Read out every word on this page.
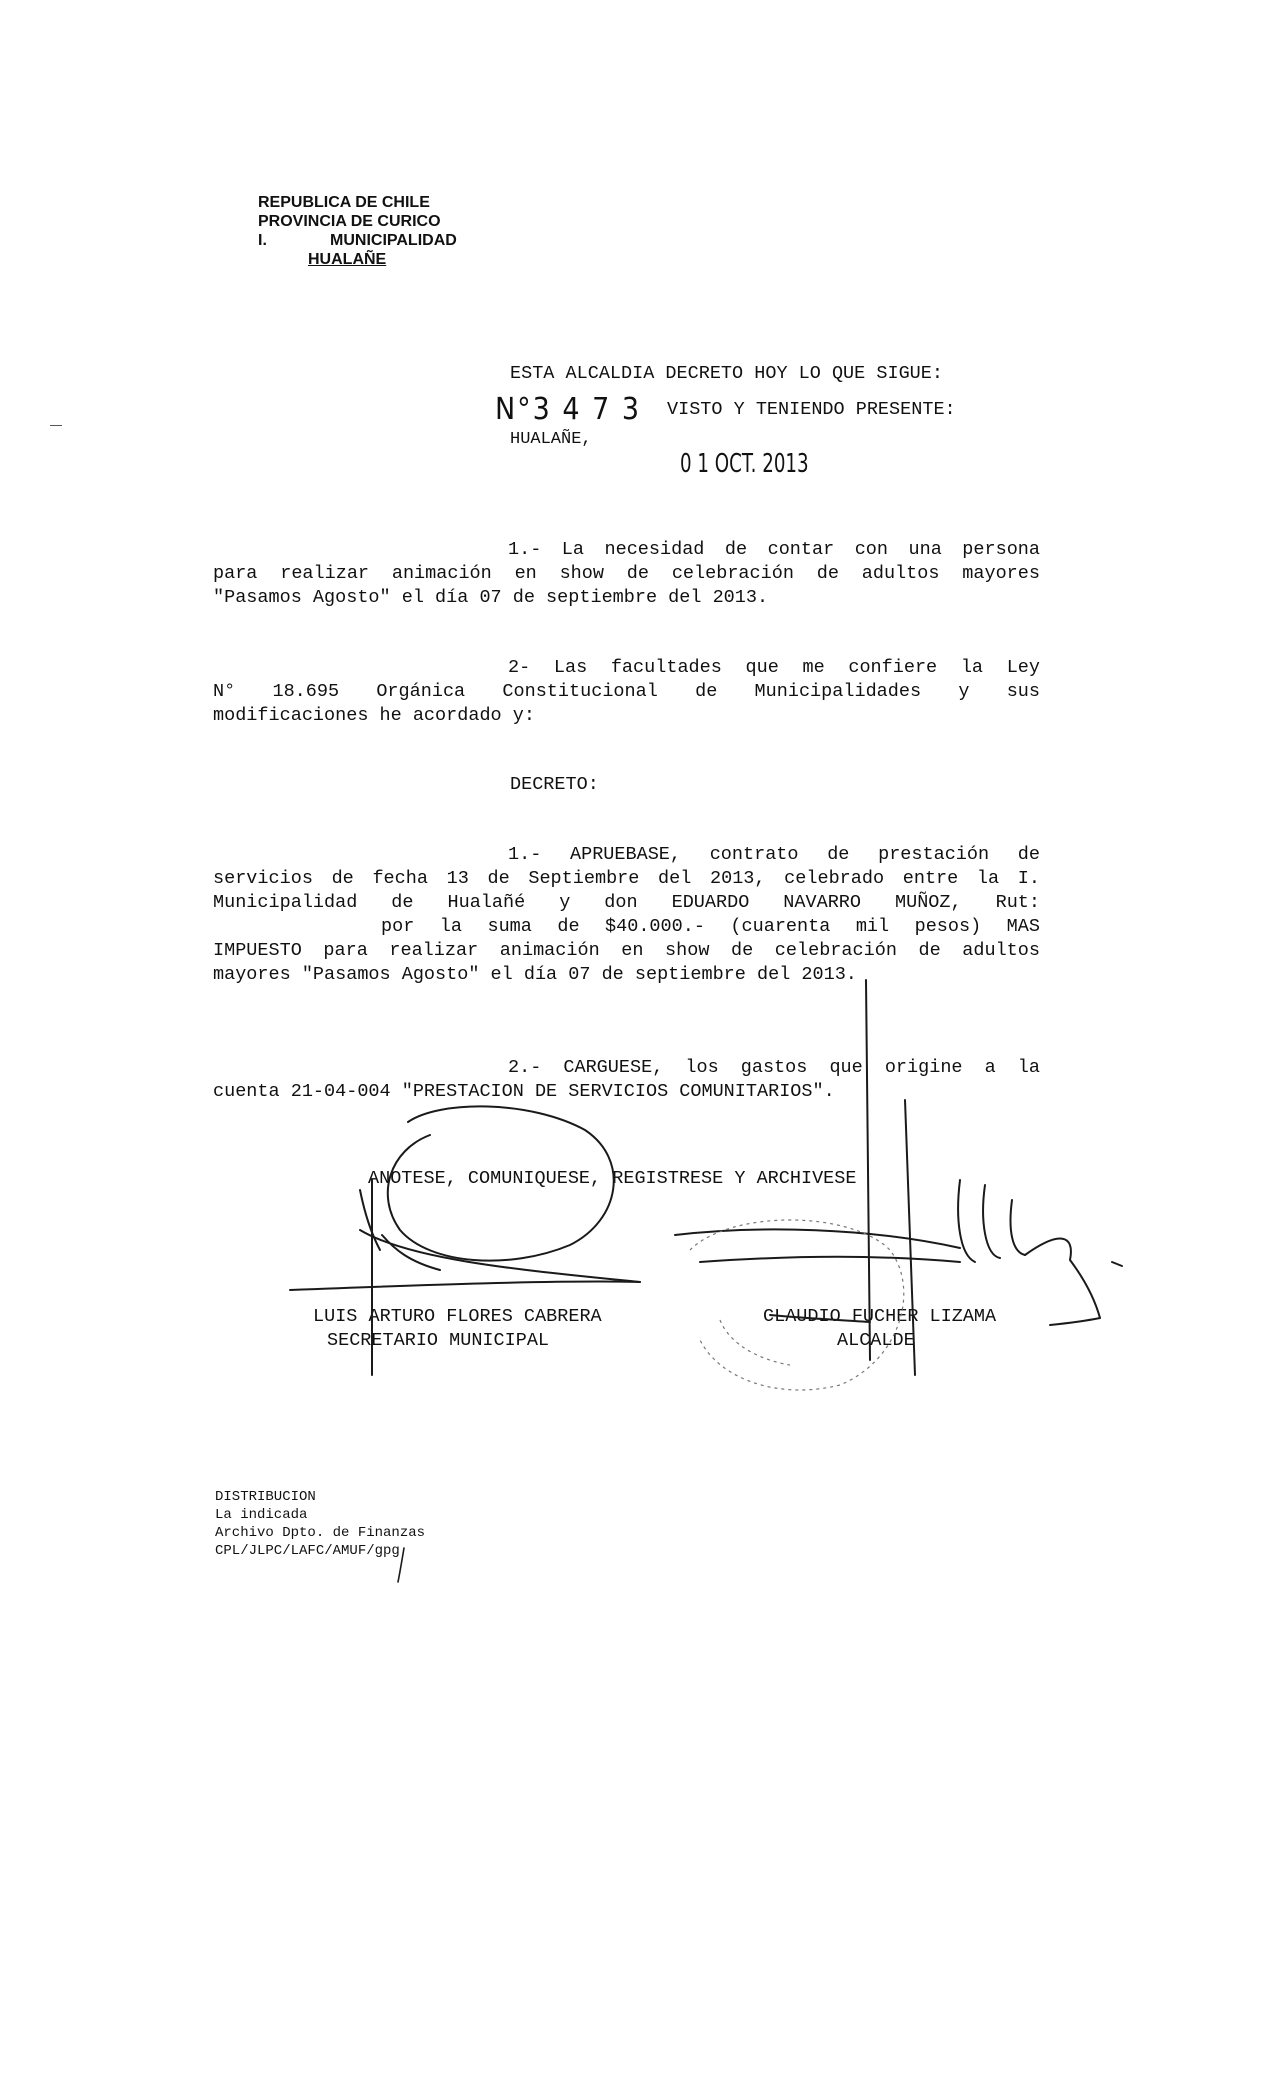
REPUBLICA DE CHILE
PROVINCIA DE CURICO
I.	MUNICIPALIDAD
HUALAÑE
ESTA ALCALDIA DECRETO HOY LO QUE SIGUE:
N°3 4 7 3 VISTO Y TENIENDO PRESENTE:
HUALAÑE,
0 1 OCT. 2013
1.- La necesidad de contar con una persona
para realizar animación en show de celebración de adultos mayores
"Pasamos Agosto" el día 07 de septiembre del 2013.
2- Las facultades que me confiere la Ley
N° 18.695 Orgánica Constitucional de Municipalidades y sus
modificaciones he acordado y:
DECRETO:
1.- APRUEBASE, contrato de prestación de
servicios de fecha 13 de Septiembre del 2013, celebrado entre la I.
Municipalidad de Hualañé y don EDUARDO NAVARRO MUÑOZ, Rut:
por la suma de $40.000.- (cuarenta mil pesos) MAS
IMPUESTO para realizar animación en show de celebración de adultos
mayores "Pasamos Agosto" el día 07 de septiembre del 2013.
2.- CARGUESE, los gastos que origine a la
cuenta 21-04-004 "PRESTACION DE SERVICIOS COMUNITARIOS".
ANOTESE, COMUNIQUESE, REGISTRESE Y ARCHIVESE
LUIS ARTURO FLORES CABRERA
SECRETARIO MUNICIPAL
CLAUDIO FUCHER LIZAMA
ALCALDE
DISTRIBUCION
La indicada
Archivo Dpto. de Finanzas
CPL/JLPC/LAFC/AMUF/gpg
